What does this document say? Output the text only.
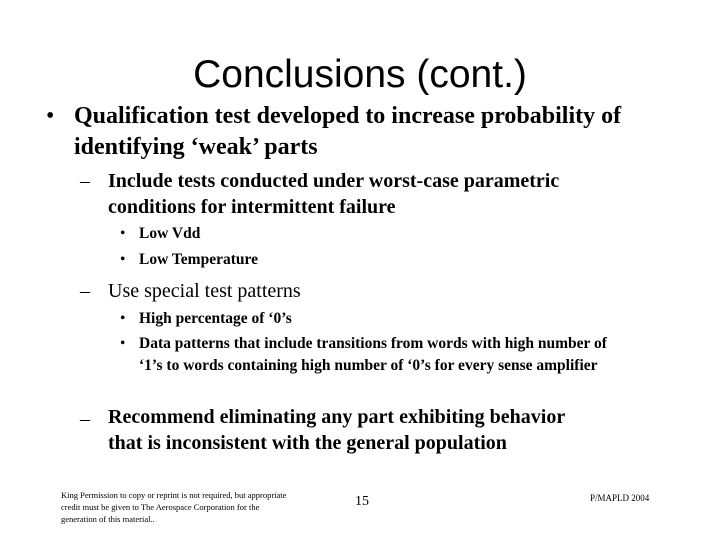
Conclusions (cont.)
• Qualification test developed to increase probability of identifying ‘weak’ parts
– Include tests conducted under worst-case parametric conditions for intermittent failure
• Low Vdd
• Low Temperature
– Use special test patterns
• High percentage of ‘0’s
• Data patterns that include transitions from words with high number of ‘1’s to words containing high number of ‘0’s for every sense amplifier
– Recommend eliminating any part exhibiting behavior that is inconsistent with the general population
King Permission to copy or reprint is not required, but appropriate credit must be given to The Aerospace Corporation for the generation of this material..
15	P/MAPLD 2004
